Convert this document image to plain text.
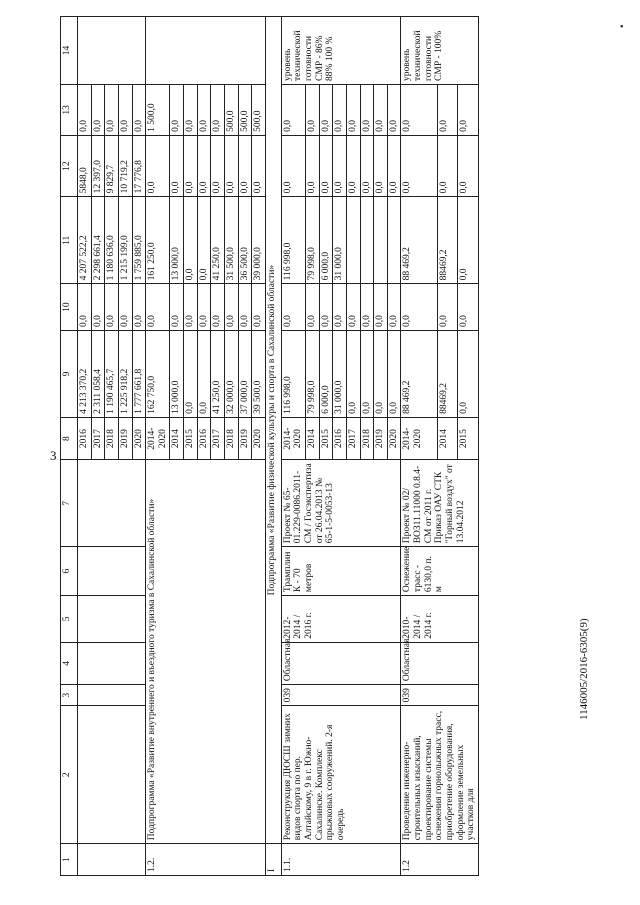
3
•
1146005/2016-6305(9)
1	2	3	4	5	6	7	8	9	10	11	12	13	14
							2016	4 213 370,2	0,0	4 207 522,2	5848,0	0,0	
							2017	2 311 058,4	0,0	2 298 661,4	12 397,0	0,0	
							2018	1 190 465,7	0,0	1 180 636,0	9 829,7	0,0	
							2019	1 225 918,2	0,0	1 215 199,0	10 719,2	0,0	
							2020	1 777 661,8	0,0	1 759 885,0	17 776,8	0,0	
1.2.	Подпрограмма «Развитие внутреннего и въездного туризма в Сахалинской области»						2014-2020	162 750,0	0,0	161 250,0	0,0	1 500,0	
							2014	13 000,0	0,0	13 000,0	0,0	0,0	
							2015	0,0	0,0	0,0	0,0	0,0	
							2016	0,0	0,0	0,0	0,0	0,0	
							2017	41 250,0	0,0	41 250,0	0,0	0,0	
							2018	32 000,0	0,0	31 500,0	0,0	500,0	
							2019	37 000,0	0,0	36 500,0	0,0	500,0	
							2020	39 500,0	0,0	39 000,0	0,0	500,0	
I	Подпрограмма «Развитие физической культуры и спорта в Сахалинской области»												
1.1.	Реконструкция ДЮСШ зимних видов спорта по пер. Алтайскому, 9 в г. Южно-Сахалинске. Комплекс прыжковых сооружений. 2-я очередь	039	Областная	2012-2014 / 2016 г.	Трамплин К - 70 метров	Проект № 65-01.229-0086.2011-СМ / Госэкспертиза от 26.04.2013 № 65-1-5-0053-13	2014-2020	116 998,0	0,0	116 998,0	0,0	0,0	уровень технической готовности СМР - 86% 88% 100 %
							2014	79 998,0	0,0	79 998,0	0,0	0,0	
							2015	6 000,0	0,0	6 000,0	0,0	0,0	
							2016	31 000,0	0,0	31 000,0	0,0	0,0	
							2017	0,0	0,0		0,0	0,0	
							2018	0,0	0,0		0,0	0,0	
							2019	0,0	0,0		0,0	0,0	
							2020	0,0	0,0		0,0	0,0	
1.2	Проведение инженерно-строительных изысканий, проектирование системы оснежения горнолыжных трасс, приобретение оборудования, оформление земельных участков для	039	Областная	2010-2014 / 2014 г.	Оснежение трасс - 6130,0 п. м	Проект № 02/ВОЗ11.11000 0.8.4-СМ от 2011 г. Приказ ОАУ СТК "Горный воздух" от 13.04.2012	2014-2020	88 469,2	0,0	88 469,2	0,0	0,0	уровень технической готовности СМР - 100%
							2014	88469,2	0,0	88469,2	0,0	0,0	
							2015	0,0	0,0	0,0	0,0	0,0	
